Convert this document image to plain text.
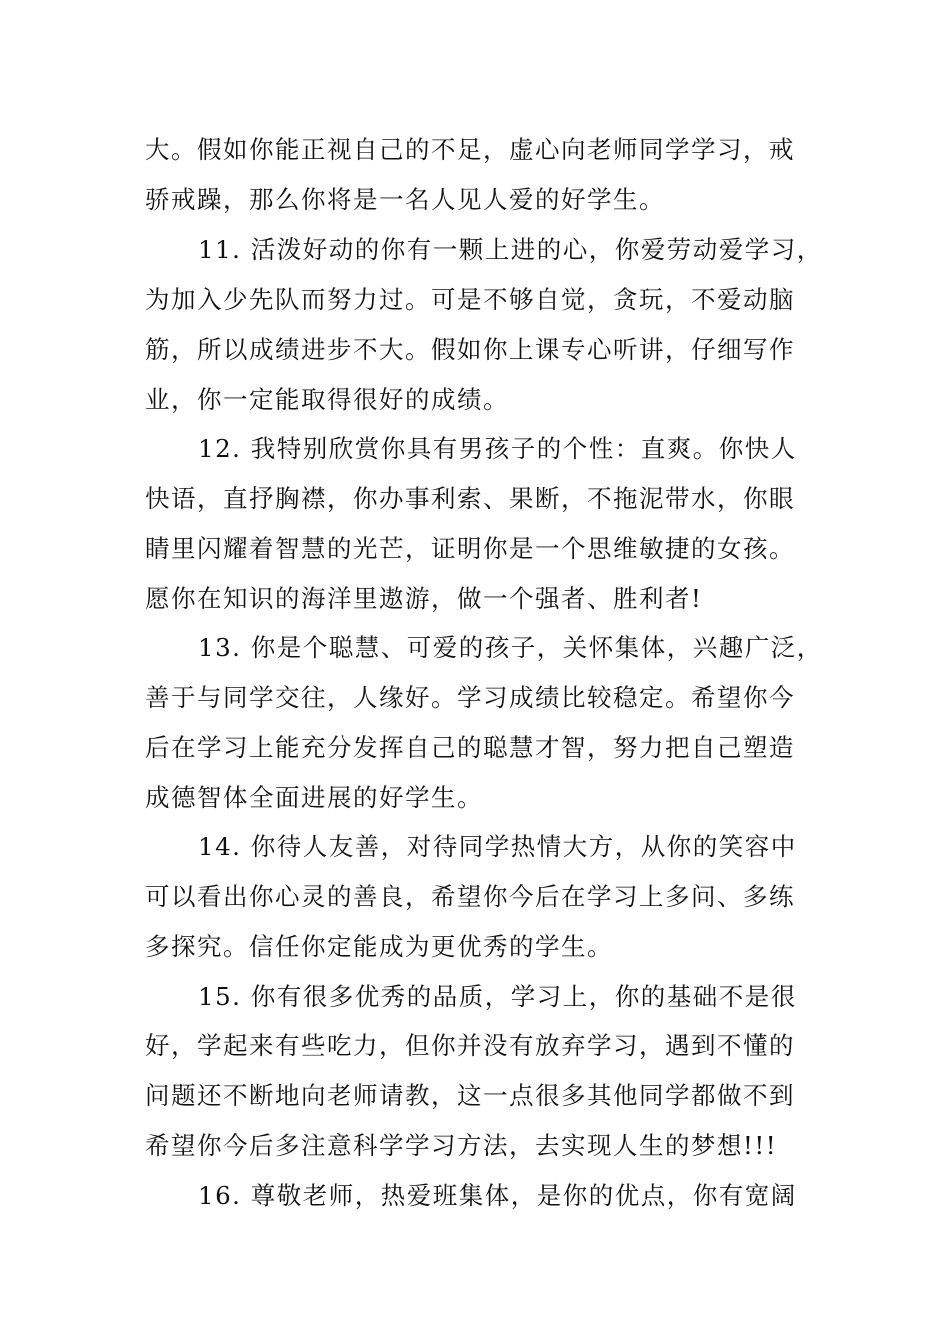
大。假如你能正视自己的不足，虚心向老师同学学习，戒
骄戒躁，那么你将是一名人见人爱的好学生。
11. 活泼好动的你有一颗上进的心，你爱劳动爱学习，
为加入少先队而努力过。可是不够自觉，贪玩，不爱动脑
筋，所以成绩进步不大。假如你上课专心听讲，仔细写作
业，你一定能取得很好的成绩。
12. 我特别欣赏你具有男孩子的个性：直爽。你快人
快语，直抒胸襟，你办事利索、果断，不拖泥带水，你眼
睛里闪耀着智慧的光芒，证明你是一个思维敏捷的女孩。
愿你在知识的海洋里遨游，做一个强者、胜利者!
13. 你是个聪慧、可爱的孩子，关怀集体，兴趣广泛，
善于与同学交往，人缘好。学习成绩比较稳定。希望你今
后在学习上能充分发挥自己的聪慧才智，努力把自己塑造
成德智体全面进展的好学生。
14. 你待人友善，对待同学热情大方，从你的笑容中
可以看出你心灵的善良，希望你今后在学习上多问、多练
多探究。信任你定能成为更优秀的学生。
15. 你有很多优秀的品质，学习上，你的基础不是很
好，学起来有些吃力，但你并没有放弃学习，遇到不懂的
问题还不断地向老师请教，这一点很多其他同学都做不到
希望你今后多注意科学学习方法，去实现人生的梦想!!!
16. 尊敬老师，热爱班集体，是你的优点，你有宽阔
